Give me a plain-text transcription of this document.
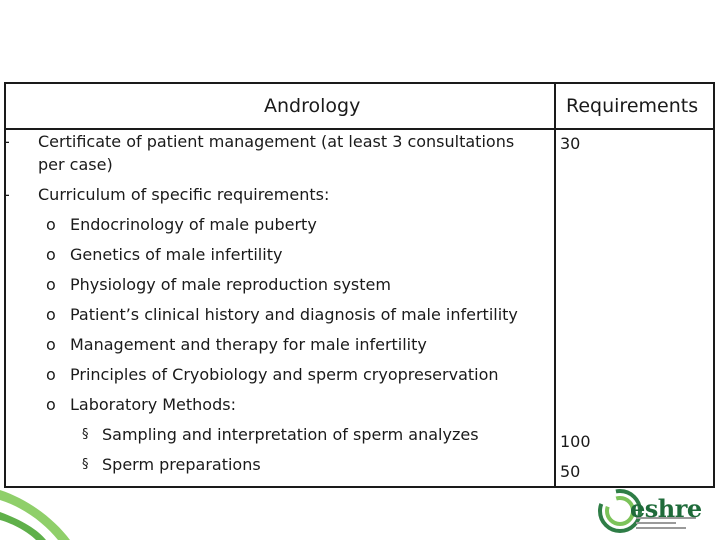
Andrology	Requirements
- Certificate of patient management (at least 3 consultations
per case)
- Curriculum of specific requirements:
o Endocrinology of male puberty
o Genetics of male infertility
o Physiology of male reproduction system
o Patient’s clinical history and diagnosis of male infertility
o Management and therapy for male infertility
o Principles of Cryobiology and sperm cryopreservation
o Laboratory Methods:
§ Sampling and interpretation of sperm analyzes
§ Sperm preparations
30
100
50
eshre
